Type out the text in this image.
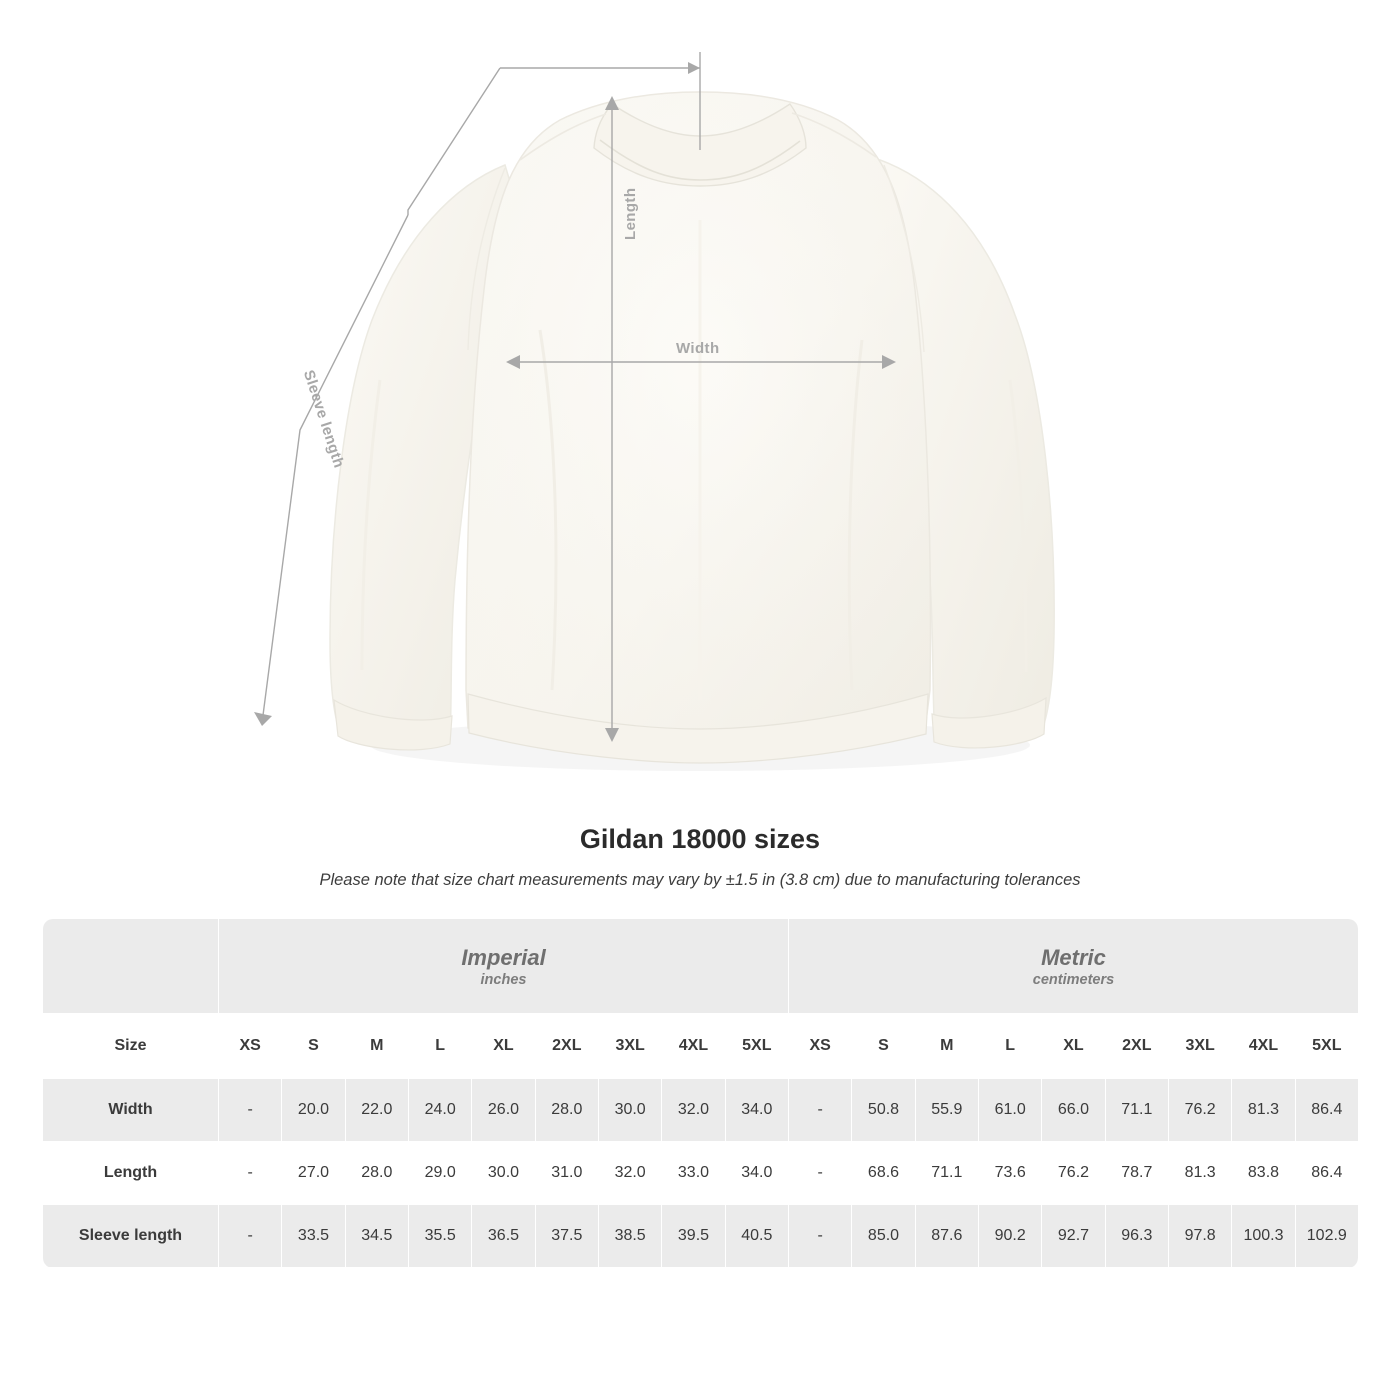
Width
Length
Sleeve length
Gildan 18000 sizes

Please note that size chart measurements may vary by ±1.5 in (3.8 cm) due to manufacturing tolerances

	Imperial
inches									Metric
centimeters								

Size	XS	S	M	L	XL	2XL	3XL	4XL	5XL	XS	S	M	L	XL	2XL	3XL	4XL	5XL
Width	-	20.0	22.0	24.0	26.0	28.0	30.0	32.0	34.0	-	50.8	55.9	61.0	66.0	71.1	76.2	81.3	86.4
Length	-	27.0	28.0	29.0	30.0	31.0	32.0	33.0	34.0	-	68.6	71.1	73.6	76.2	78.7	81.3	83.8	86.4
Sleeve length	-	33.5	34.5	35.5	36.5	37.5	38.5	39.5	40.5	-	85.0	87.6	90.2	92.7	96.3	97.8	100.3	102.9
